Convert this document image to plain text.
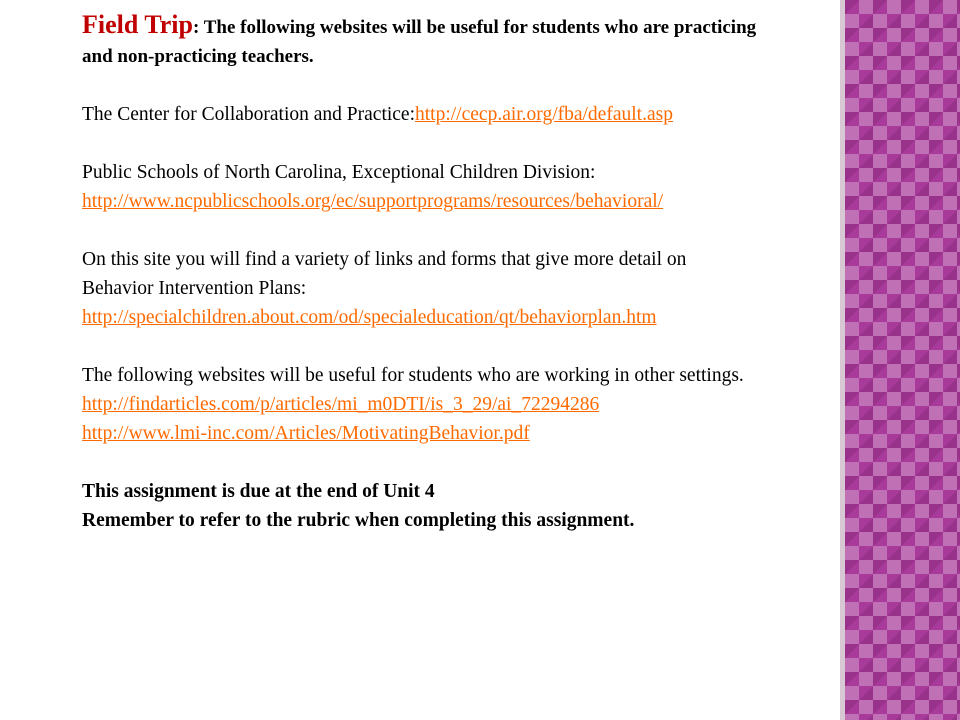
Field Trip: The following websites will be useful for students who are practicing and non-practicing teachers.

The Center for Collaboration and Practice:http://cecp.air.org/fba/default.asp

Public Schools of North Carolina, Exceptional Children Division:

http://www.ncpublicschools.org/ec/supportprograms/resources/behavioral/

On this site you will find a variety of links and forms that give more detail on Behavior Intervention Plans:

http://specialchildren.about.com/od/specialeducation/qt/behaviorplan.htm

The following websites will be useful for students who are working in other settings.

http://findarticles.com/p/articles/mi_m0DTI/is_3_29/ai_72294286

http://www.lmi-inc.com/Articles/MotivatingBehavior.pdf

This assignment is due at the end of Unit 4

Remember to refer to the rubric when completing this assignment.
